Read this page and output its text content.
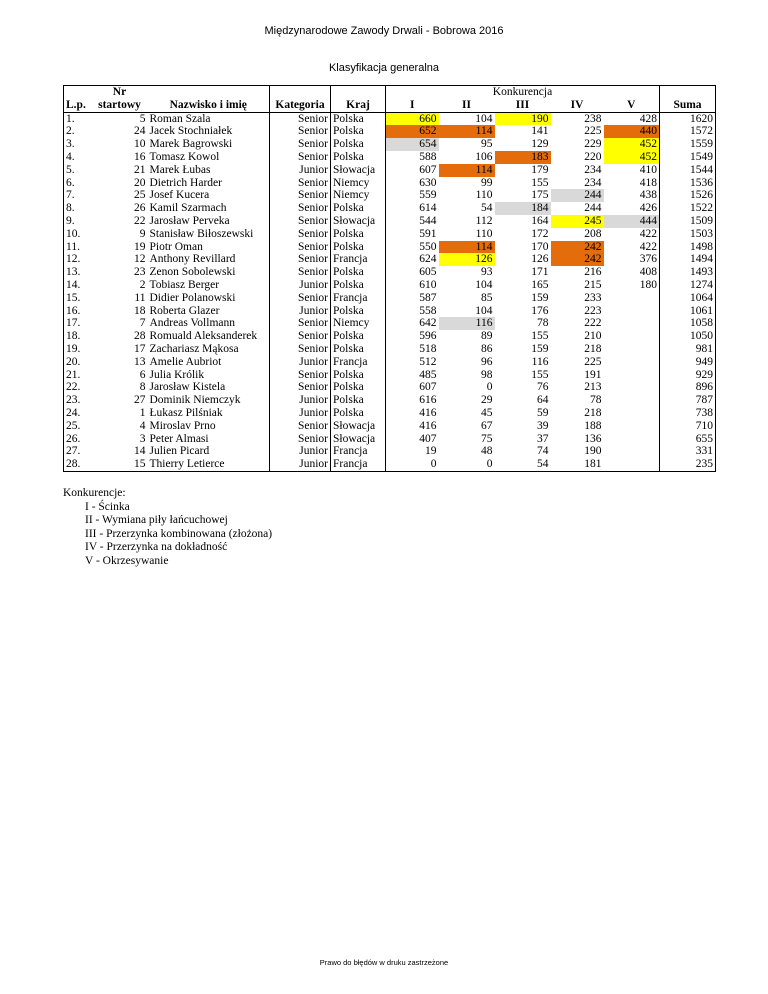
Międzynarodowe Zawody Drwali - Bobrowa 2016
Klasyfikacja generalna
	Nr				Konkurencja					
L.p.	startowy	Nazwisko i imię	Kategoria	Kraj	I	II	III	IV	V	Suma
1.	5	Roman Szala	Senior	Polska	660	104	190	238	428	1620
2.	24	Jacek Stochniałek	Senior	Polska	652	114	141	225	440	1572
3.	10	Marek Bagrowski	Senior	Polska	654	95	129	229	452	1559
4.	16	Tomasz Kowol	Senior	Polska	588	106	183	220	452	1549
5.	21	Marek Łubas	Junior	Słowacja	607	114	179	234	410	1544
6.	20	Dietrich Harder	Senior	Niemcy	630	99	155	234	418	1536
7.	25	Josef Kucera	Senior	Niemcy	559	110	175	244	438	1526
8.	26	Kamil Szarmach	Senior	Polska	614	54	184	244	426	1522
9.	22	Jarosław Perveka	Senior	Słowacja	544	112	164	245	444	1509
10.	9	Stanisław Biłoszewski	Senior	Polska	591	110	172	208	422	1503
11.	19	Piotr Oman	Senior	Polska	550	114	170	242	422	1498
12.	12	Anthony Revillard	Senior	Francja	624	126	126	242	376	1494
13.	23	Zenon Sobolewski	Senior	Polska	605	93	171	216	408	1493
14.	2	Tobiasz Berger	Junior	Polska	610	104	165	215	180	1274
15.	11	Didier Polanowski	Senior	Francja	587	85	159	233		1064
16.	18	Roberta Glazer	Junior	Polska	558	104	176	223		1061
17.	7	Andreas Vollmann	Senior	Niemcy	642	116	78	222		1058
18.	28	Romuald Aleksanderek	Senior	Polska	596	89	155	210		1050
19.	17	Zachariasz Mąkosa	Senior	Polska	518	86	159	218		981
20.	13	Amelie Aubriot	Junior	Francja	512	96	116	225		949
21.	6	Julia Królik	Senior	Polska	485	98	155	191		929
22.	8	Jarosław Kistela	Senior	Polska	607	0	76	213		896
23.	27	Dominik Niemczyk	Junior	Polska	616	29	64	78		787
24.	1	Łukasz Pilśniak	Junior	Polska	416	45	59	218		738
25.	4	Miroslav Prno	Senior	Słowacja	416	67	39	188		710
26.	3	Peter Almasi	Senior	Słowacja	407	75	37	136		655
27.	14	Julien Picard	Junior	Francja	19	48	74	190		331
28.	15	Thierry Letierce	Junior	Francja	0	0	54	181		235
Konkurencje:
I - Ścinka
II - Wymiana piły łańcuchowej
III - Przerzynka kombinowana (złożona)
IV - Przerzynka na dokładność
V - Okrzesywanie
Prawo do błędów w druku zastrzeżone
